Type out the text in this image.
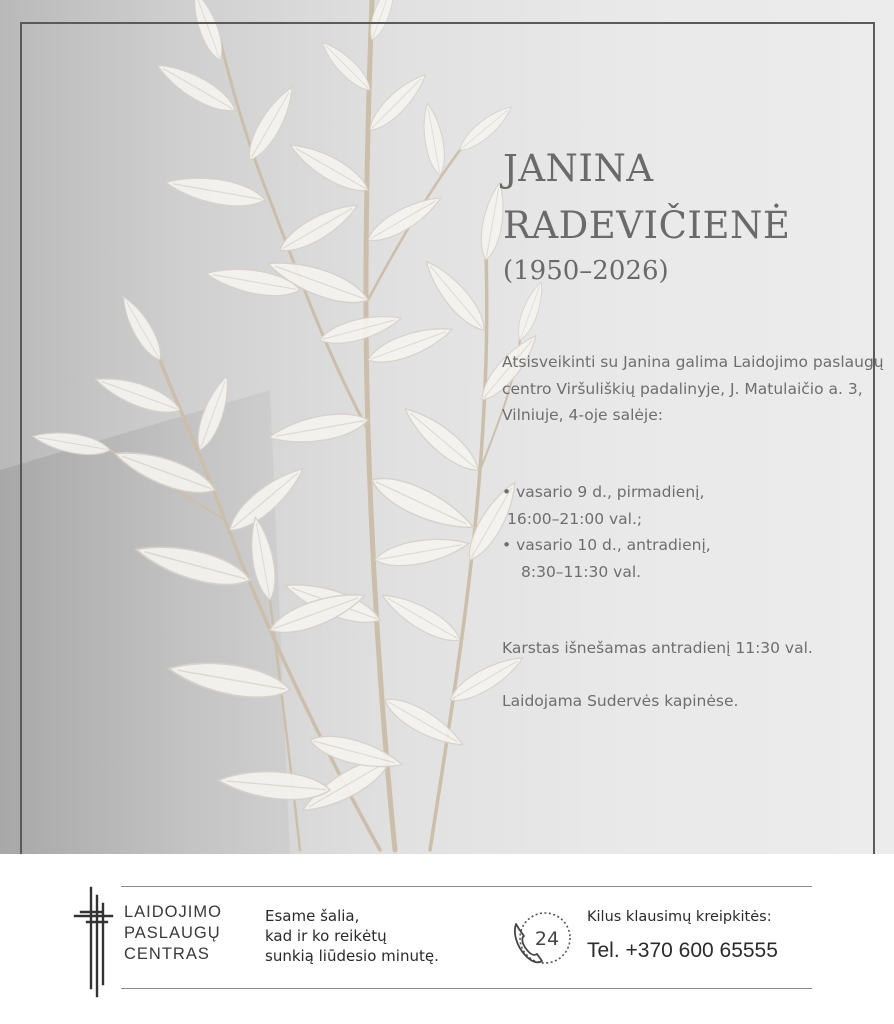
JANINA
RADEVIČIENĖ

(1950–2026)

Atsisveikinti su Janina galima Laidojimo paslaugų centro Viršuliškių padalinyje, J. Matulaičio a. 3, Vilniuje, 4-oje salėje:

• vasario 9 d., pirmadienį,
16:00–21:00 val.;
• vasario 10 d., antradienį,
8:30–11:30 val.

Karstas išnešamas antradienį 11:30 val.

Laidojama Sudervės kapinėse.

LAIDOJIMO
PASLAUGŲ
CENTRAS
Esame šalia,
kad ir ko reikėtų
sunkią liūdesio minutę.
24
Kilus klausimų kreipkitės:
Tel. +370 600 65555
